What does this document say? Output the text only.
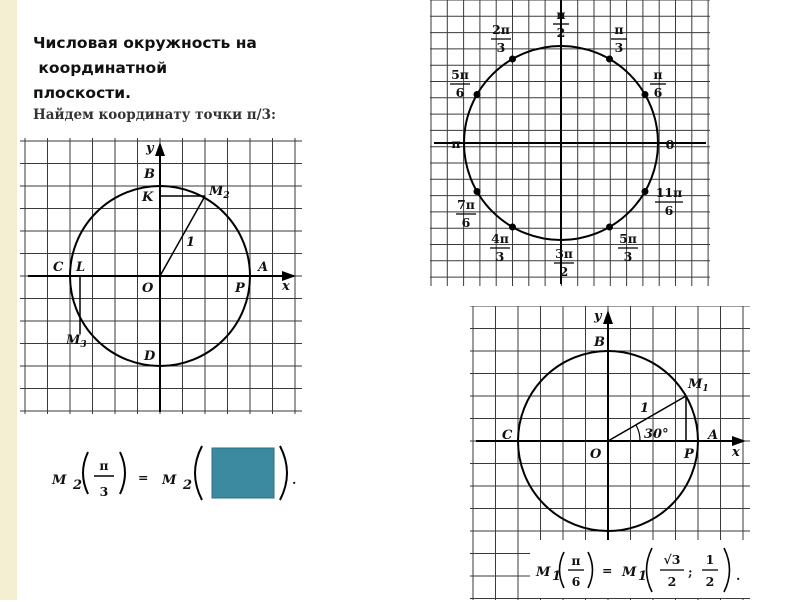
Числовая окружность на
координатной
плоскости.
Найдем координату точки π/3:
y
x
B
K	$M_2$
1
C L	A
O	P
$M_3$
D
π
2
2π
3
π
3
5π
6
π
6
π	0
7π
6
11π
6
4π
3	3π
2
5π
3
y
x
B
$M_1$
1
30°
C	A
O	P
M 2
π
3
= M 2	.
M 1
π
6
= M 1
√3
2
;
1
2 .
